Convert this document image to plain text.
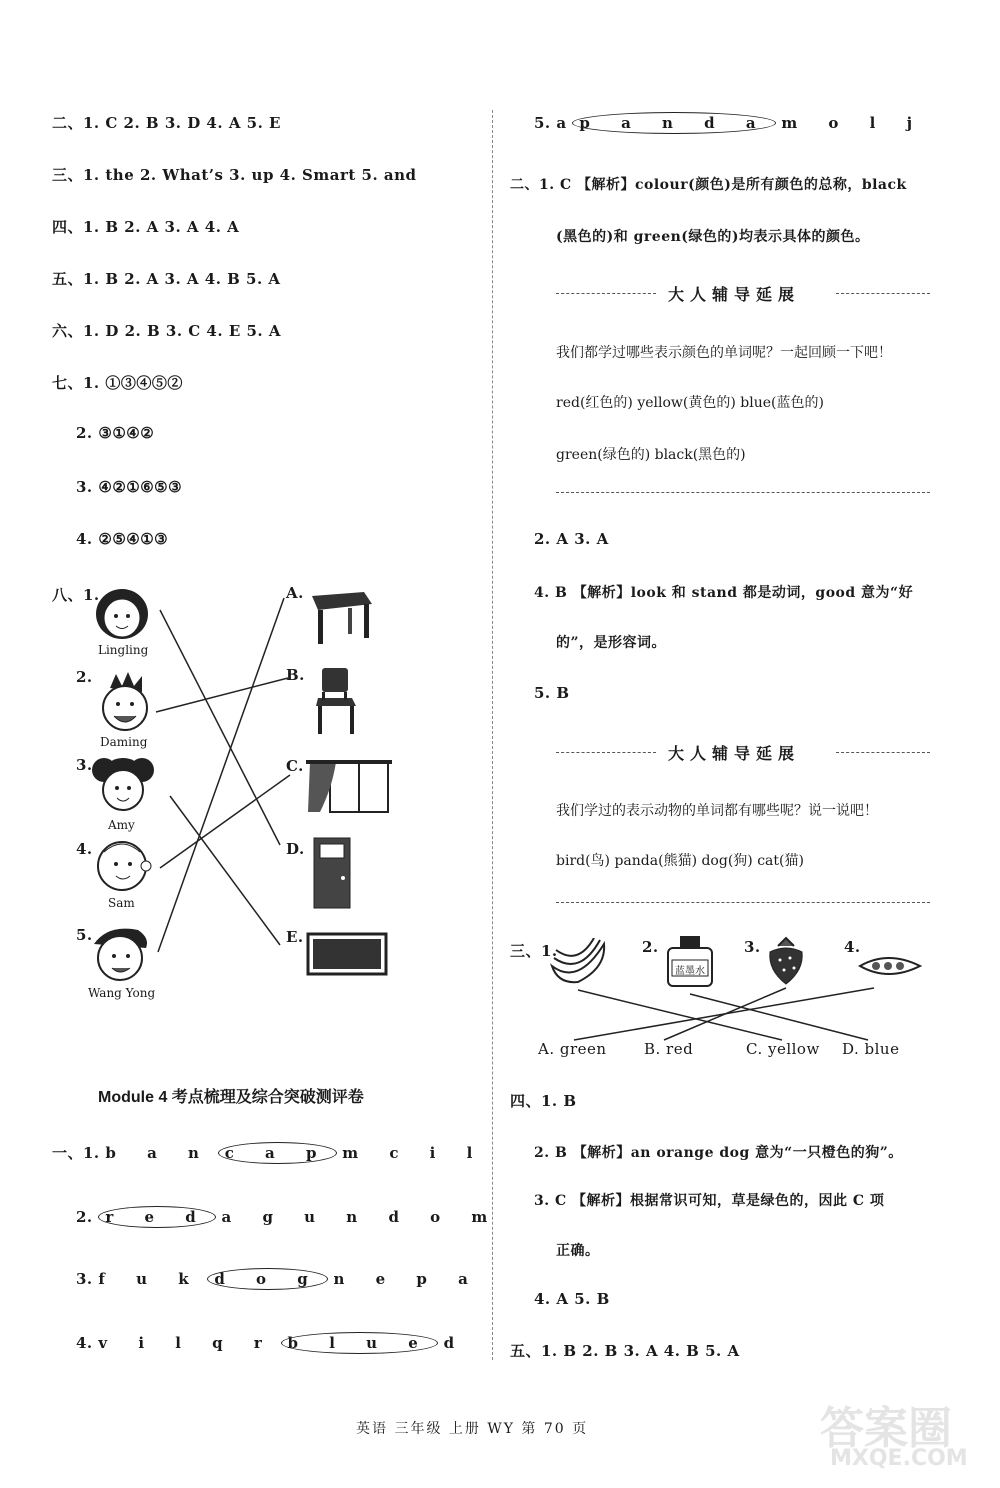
二、1. C 2. B 3. D 4. A 5. E
三、1. the 2. What’s 3. up 4. Smart 5. and
四、1. B 2. A 3. A 4. A
五、1. B 2. A 3. A 4. B 5. A
六、1. D 2. B 3. C 4. E 5. A
七、1. ①③④⑤②
2. ③①④②
3. ④②①⑥⑤③
4. ②⑤④①③
八、1.
2.
3.
4.
5.
Lingling
Daming
Amy
Sam
Wang Yong
A.
B.
C.
D.
E.
Module 4 考点梳理及综合突破测评卷
一、1. b a n c a p m c i l
2. r e d a g u n d o m
3. f u k d o g n e p a
4. v i l q r b l u e d
5. a p a n d a m o l j
二、1. C 【解析】colour(颜色)是所有颜色的总称，black
(黑色的)和 green(绿色的)均表示具体的颜色。
大人辅导延展
我们都学过哪些表示颜色的单词呢？一起回顾一下吧！
red(红色的) yellow(黄色的) blue(蓝色的)
green(绿色的) black(黑色的)
2. A 3. A
4. B 【解析】look 和 stand 都是动词，good 意为“好
的”，是形容词。
5. B
大人辅导延展
我们学过的表示动物的单词都有哪些呢？说一说吧！
bird(鸟) panda(熊猫) dog(狗) cat(猫)
三、1.	2.	3.	4.
蓝墨水
A. green B. red	C. yellow D. blue
四、1. B
2. B 【解析】an orange dog 意为“一只橙色的狗”。
3. C 【解析】根据常识可知，草是绿色的，因此 C 项
正确。
4. A 5. B
五、1. B 2. B 3. A 4. B 5. A
英语 三年级 上册 WY 第 70 页	答案圈
MXQE.COM
